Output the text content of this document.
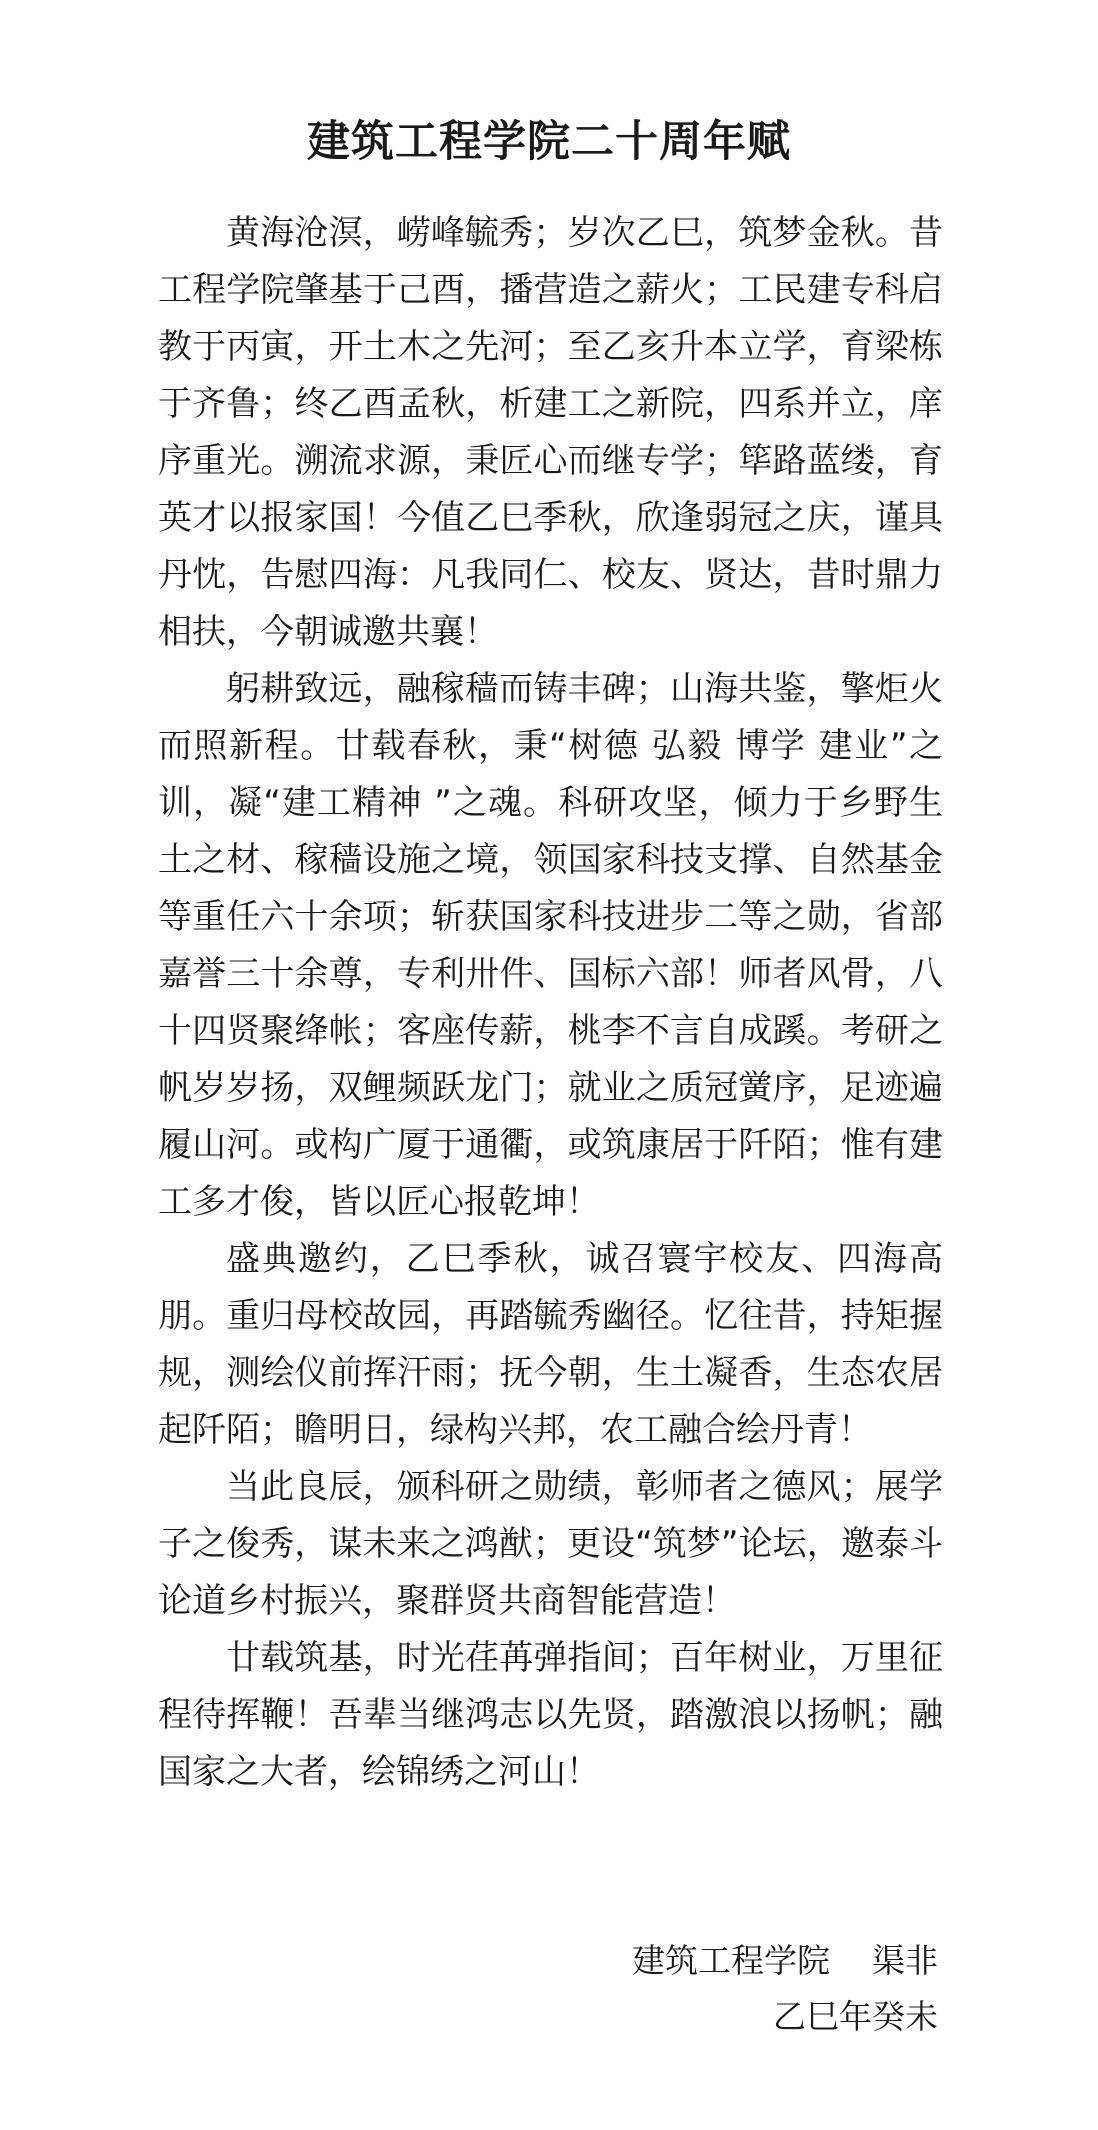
建筑工程学院二十周年赋

黄海沧溟，崂峰毓秀；岁次乙巳，筑梦金秋。昔工程学院肇基于己酉，播营造之薪火；工民建专科启教于丙寅，开土木之先河；至乙亥升本立学，育梁栋于齐鲁；终乙酉孟秋，析建工之新院，四系并立，庠序重光。溯流求源，秉匠心而继专学；筚路蓝缕，育英才以报家国！今值乙巳季秋，欣逢弱冠之庆，谨具丹忱，告慰四海：凡我同仁、校友、贤达，昔时鼎力相扶，今朝诚邀共襄！

躬耕致远，融稼穑而铸丰碑；山海共鉴，擎炬火而照新程。廿载春秋，秉“树德 弘毅 博学 建业”之训，凝“建工精神 ”之魂。科研攻坚，倾力于乡野生土之材、稼穑设施之境，领国家科技支撑、自然基金等重任六十余项；斩获国家科技进步二等之勋，省部嘉誉三十余尊，专利卅件、国标六部！师者风骨，八十四贤聚绛帐；客座传薪，桃李不言自成蹊。考研之帆岁岁扬，双鲤频跃龙门；就业之质冠黉序，足迹遍履山河。或构广厦于通衢，或筑康居于阡陌；惟有建工多才俊，皆以匠心报乾坤！

盛典邀约，乙巳季秋，诚召寰宇校友、四海高朋。重归母校故园，再踏毓秀幽径。忆往昔，持矩握规，测绘仪前挥汗雨；抚今朝，生土凝香，生态农居起阡陌；瞻明日，绿构兴邦，农工融合绘丹青！

当此良辰，颁科研之勋绩，彰师者之德风；展学子之俊秀，谋未来之鸿猷；更设“筑梦”论坛，邀泰斗论道乡村振兴，聚群贤共商智能营造！

廿载筑基，时光荏苒弹指间；百年树业，万里征程待挥鞭！吾辈当继鸿志以先贤，踏激浪以扬帆；融国家之大者，绘锦绣之河山！

建筑工程学院    渠非
乙巳年癸未
